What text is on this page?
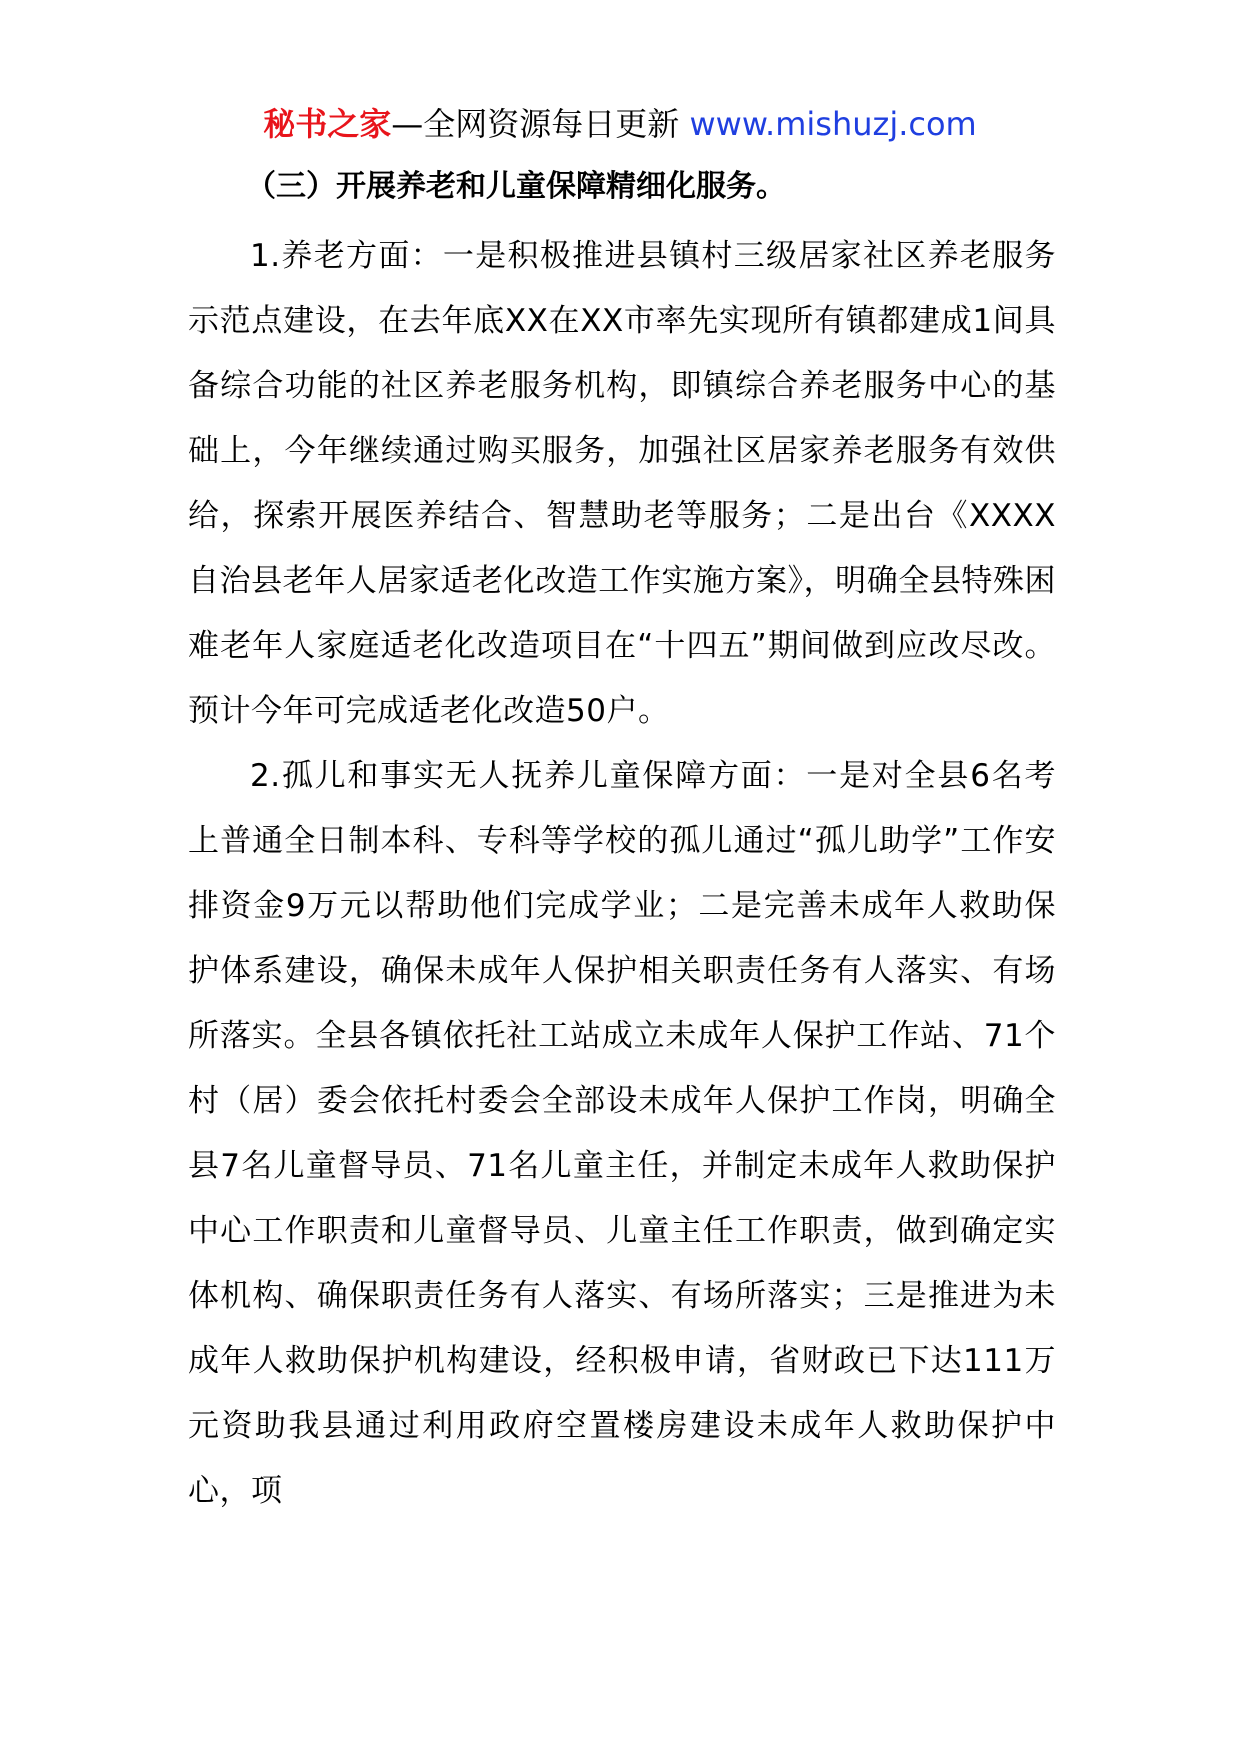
秘书之家—全网资源每日更新 www.mishuzj.com
（三）开展养老和儿童保障精细化服务。

1.养老方面：一是积极推进县镇村三级居家社区养老服务示范点建设，在去年底XX在XX市率先实现所有镇都建成1间具备综合功能的社区养老服务机构，即镇综合养老服务中心的基础上，今年继续通过购买服务，加强社区居家养老服务有效供给，探索开展医养结合、智慧助老等服务；二是出台《XXXX自治县老年人居家适老化改造工作实施方案》，明确全县特殊困难老年人家庭适老化改造项目在“十四五”期间做到应改尽改。预计今年可完成适老化改造50户。

2.孤儿和事实无人抚养儿童保障方面：一是对全县6名考上普通全日制本科、专科等学校的孤儿通过“孤儿助学”工作安排资金9万元以帮助他们完成学业；二是完善未成年人救助保护体系建设，确保未成年人保护相关职责任务有人落实、有场所落实。全县各镇依托社工站成立未成年人保护工作站、71个村（居）委会依托村委会全部设未成年人保护工作岗，明确全县7名儿童督导员、71名儿童主任，并制定未成年人救助保护中心工作职责和儿童督导员、儿童主任工作职责，做到确定实体机构、确保职责任务有人落实、有场所落实；三是推进为未成年人救助保护机构建设，经积极申请，省财政已下达111万元资助我县通过利用政府空置楼房建设未成年人救助保护中心，项
